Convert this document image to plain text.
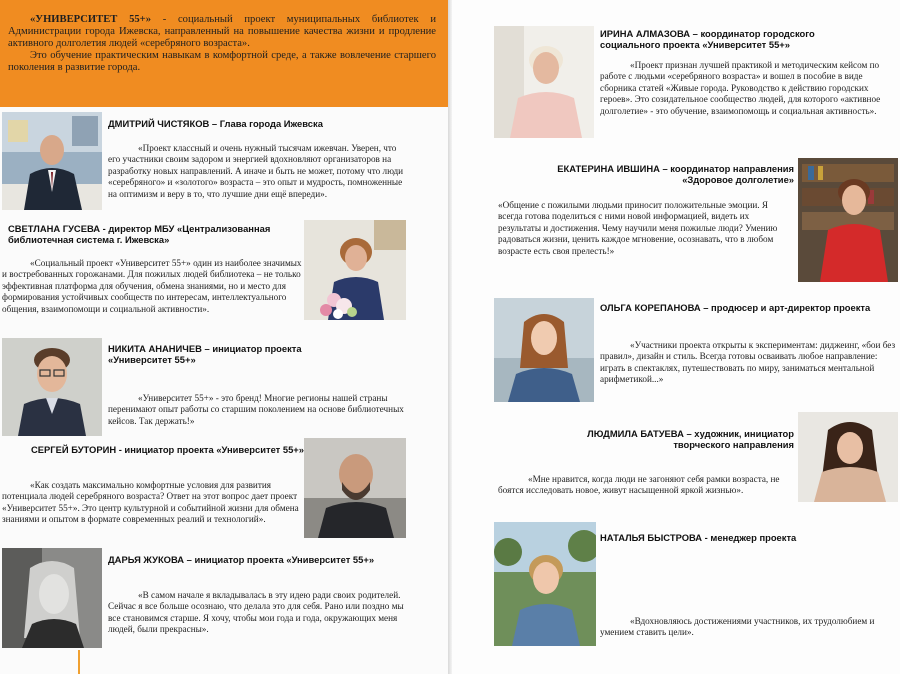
«УНИВЕРСИТЕТ 55+» - социальный проект муниципальных библиотек и Администрации города Ижевска, направленный на повышение качества жизни и продление активного долголетия людей «серебряного возраста».

Это обучение практическим навыкам в комфортной среде, а также вовлечение старшего поколения в развитие города.

ДМИТРИЙ ЧИСТЯКОВ – Глава города Ижевска
«Проект классный и очень нужный тысячам ижевчан. Уверен, что его участники своим задором и энергией вдохновляют организаторов на разработку новых направлений. А иначе и быть не может, потому что люди «серебряного» и «золотого» возраста – это опыт и мудрость, помноженные на оптимизм и веру в то, что лучшие дни ещё впереди».
СВЕТЛАНА ГУСЕВА - директор МБУ «Централизованная библиотечная система г. Ижевска»
«Социальный проект «Университет 55+» один из наиболее значимых и востребованных горожанами. Для пожилых людей библиотека – не только эффективная платформа для обучения, обмена знаниями, но и место для формирования устойчивых сообществ по интересам, интеллектуального общения, взаимопомощи и социальной активности».
НИКИТА АНАНИЧЕВ – инициатор проекта «Университет 55+»
«Университет 55+» - это бренд! Многие регионы нашей страны перенимают опыт работы со старшим поколением на основе библиотечных кейсов. Так держать!»
СЕРГЕЙ БУТОРИН - инициатор проекта «Университет 55+»
«Как создать максимально комфортные условия для развития потенциала людей серебряного возраста? Ответ на этот вопрос дает проект «Университет 55+». Это центр культурной и событийной жизни для обмена знаниями и опытом в формате современных реалий и технологий».
ДАРЬЯ ЖУКОВА – инициатор проекта «Университет 55+»
«В самом начале я вкладывалась в эту идею ради своих родителей. Сейчас я все больше осознаю, что делала это для себя. Рано или поздно мы все становимся старше. Я хочу, чтобы мои года и года, окружающих меня людей, были прекрасны».
ИРИНА АЛМАЗОВА – координатор городского социального проекта «Университет 55+»
«Проект признан лучшей практикой и методическим кейсом по работе с людьми «серебряного возраста» и вошел в пособие в виде сборника статей «Живые города. Руководство к действию городских героев». Это созидательное сообщество людей, для которого «активное долголетие» - это обучение, взаимопомощь и социальная активность».
ЕКАТЕРИНА ИВШИНА – координатор направления «Здоровое долголетие»
«Общение с пожилыми людьми приносит положительные эмоции. Я всегда готова поделиться с ними новой информацией, видеть их результаты и достижения. Чему научили меня пожилые люди? Умению радоваться жизни, ценить каждое мгновение, осознавать, что в любом возрасте есть своя прелесть!»
ОЛЬГА КОРЕПАНОВА – продюсер и арт-директор проекта
«Участники проекта открыты к экспериментам: диджеинг, «бои без правил», дизайн и стиль. Всегда готовы осваивать любое направление: играть в спектаклях, путешествовать по миру, заниматься ментальной арифметикой...»
ЛЮДМИЛА БАТУЕВА – художник, инициатор творческого направления
«Мне нравится, когда люди не загоняют себя рамки возраста, не боятся исследовать новое, живут насыщенной яркой жизнью».
НАТАЛЬЯ БЫСТРОВА - менеджер проекта
«Вдохновляюсь достижениями участников, их трудолюбием и умением ставить цели».
